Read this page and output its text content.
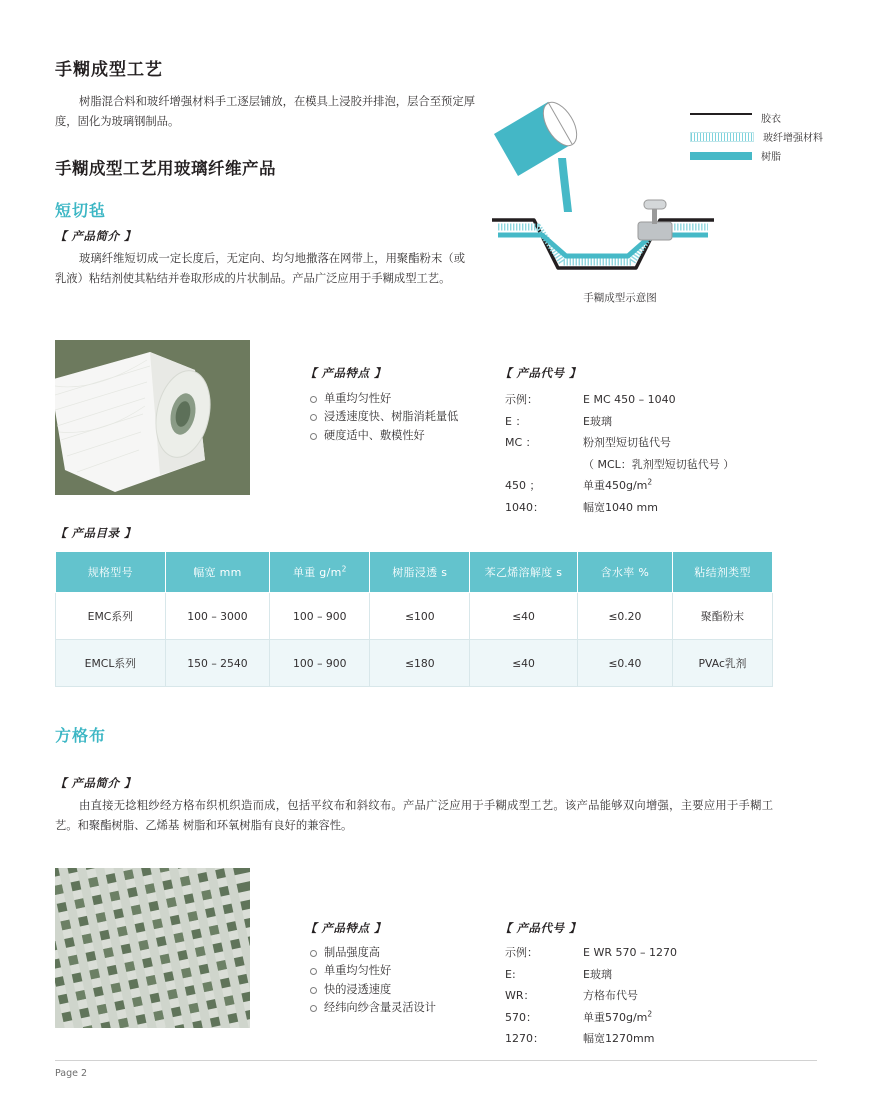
手糊成型工艺
树脂混合料和玻纤增强材料手工逐层铺放，在模具上浸胶并排泡，层合至预定厚度，固化为玻璃钢制品。	胶衣
玻纤增强材料
树脂
手糊成型示意图
手糊成型工艺用玻璃纤维产品
短切毡
【 产品简介 】
玻璃纤维短切成一定长度后，无定向、均匀地撒落在网带上，用聚酯粉末（或乳液）粘结剂使其粘结并卷取形成的片状制品。产品广泛应用于手糊成型工艺。
【 产品特点 】
单重均匀性好
浸透速度快、树脂消耗量低
硬度适中、敷模性好
【 产品代号 】
示例：	E MC 450 – 1040
E ：	E玻璃
MC ：	粉剂型短切毡代号
（ MCL：乳剂型短切毡代号 ）
450 ；	单重$450g/m^2$
1040：	幅宽1040 mm
【 产品目录 】
规格型号	幅宽 mm	单重 $g/m^2$	树脂浸透 s	苯乙烯溶解度 s	含水率 %	粘结剂类型
EMC系列	100 – 3000	100 – 900	≤100	≤40	≤0.20	聚酯粉末
EMCL系列	150 – 2540	100 – 900	≤180	≤40	≤0.40	PVAc乳剂
方格布
【 产品简介 】
由直接无捻粗纱经方格布织机织造而成，包括平纹布和斜纹布。产品广泛应用于手糊成型工艺。该产品能够双向增强，主要应用于手糊工艺。和聚酯树脂、乙烯基 树脂和环氧树脂有良好的兼容性。
【 产品特点 】
制品强度高
单重均匀性好
快的浸透速度
经纬向纱含量灵活设计
【 产品代号 】
示例：	E WR 570 – 1270
E:	E玻璃
WR：	方格布代号
570：	单重$570g/m^2$
1270：	幅宽1270mm
Page 2
